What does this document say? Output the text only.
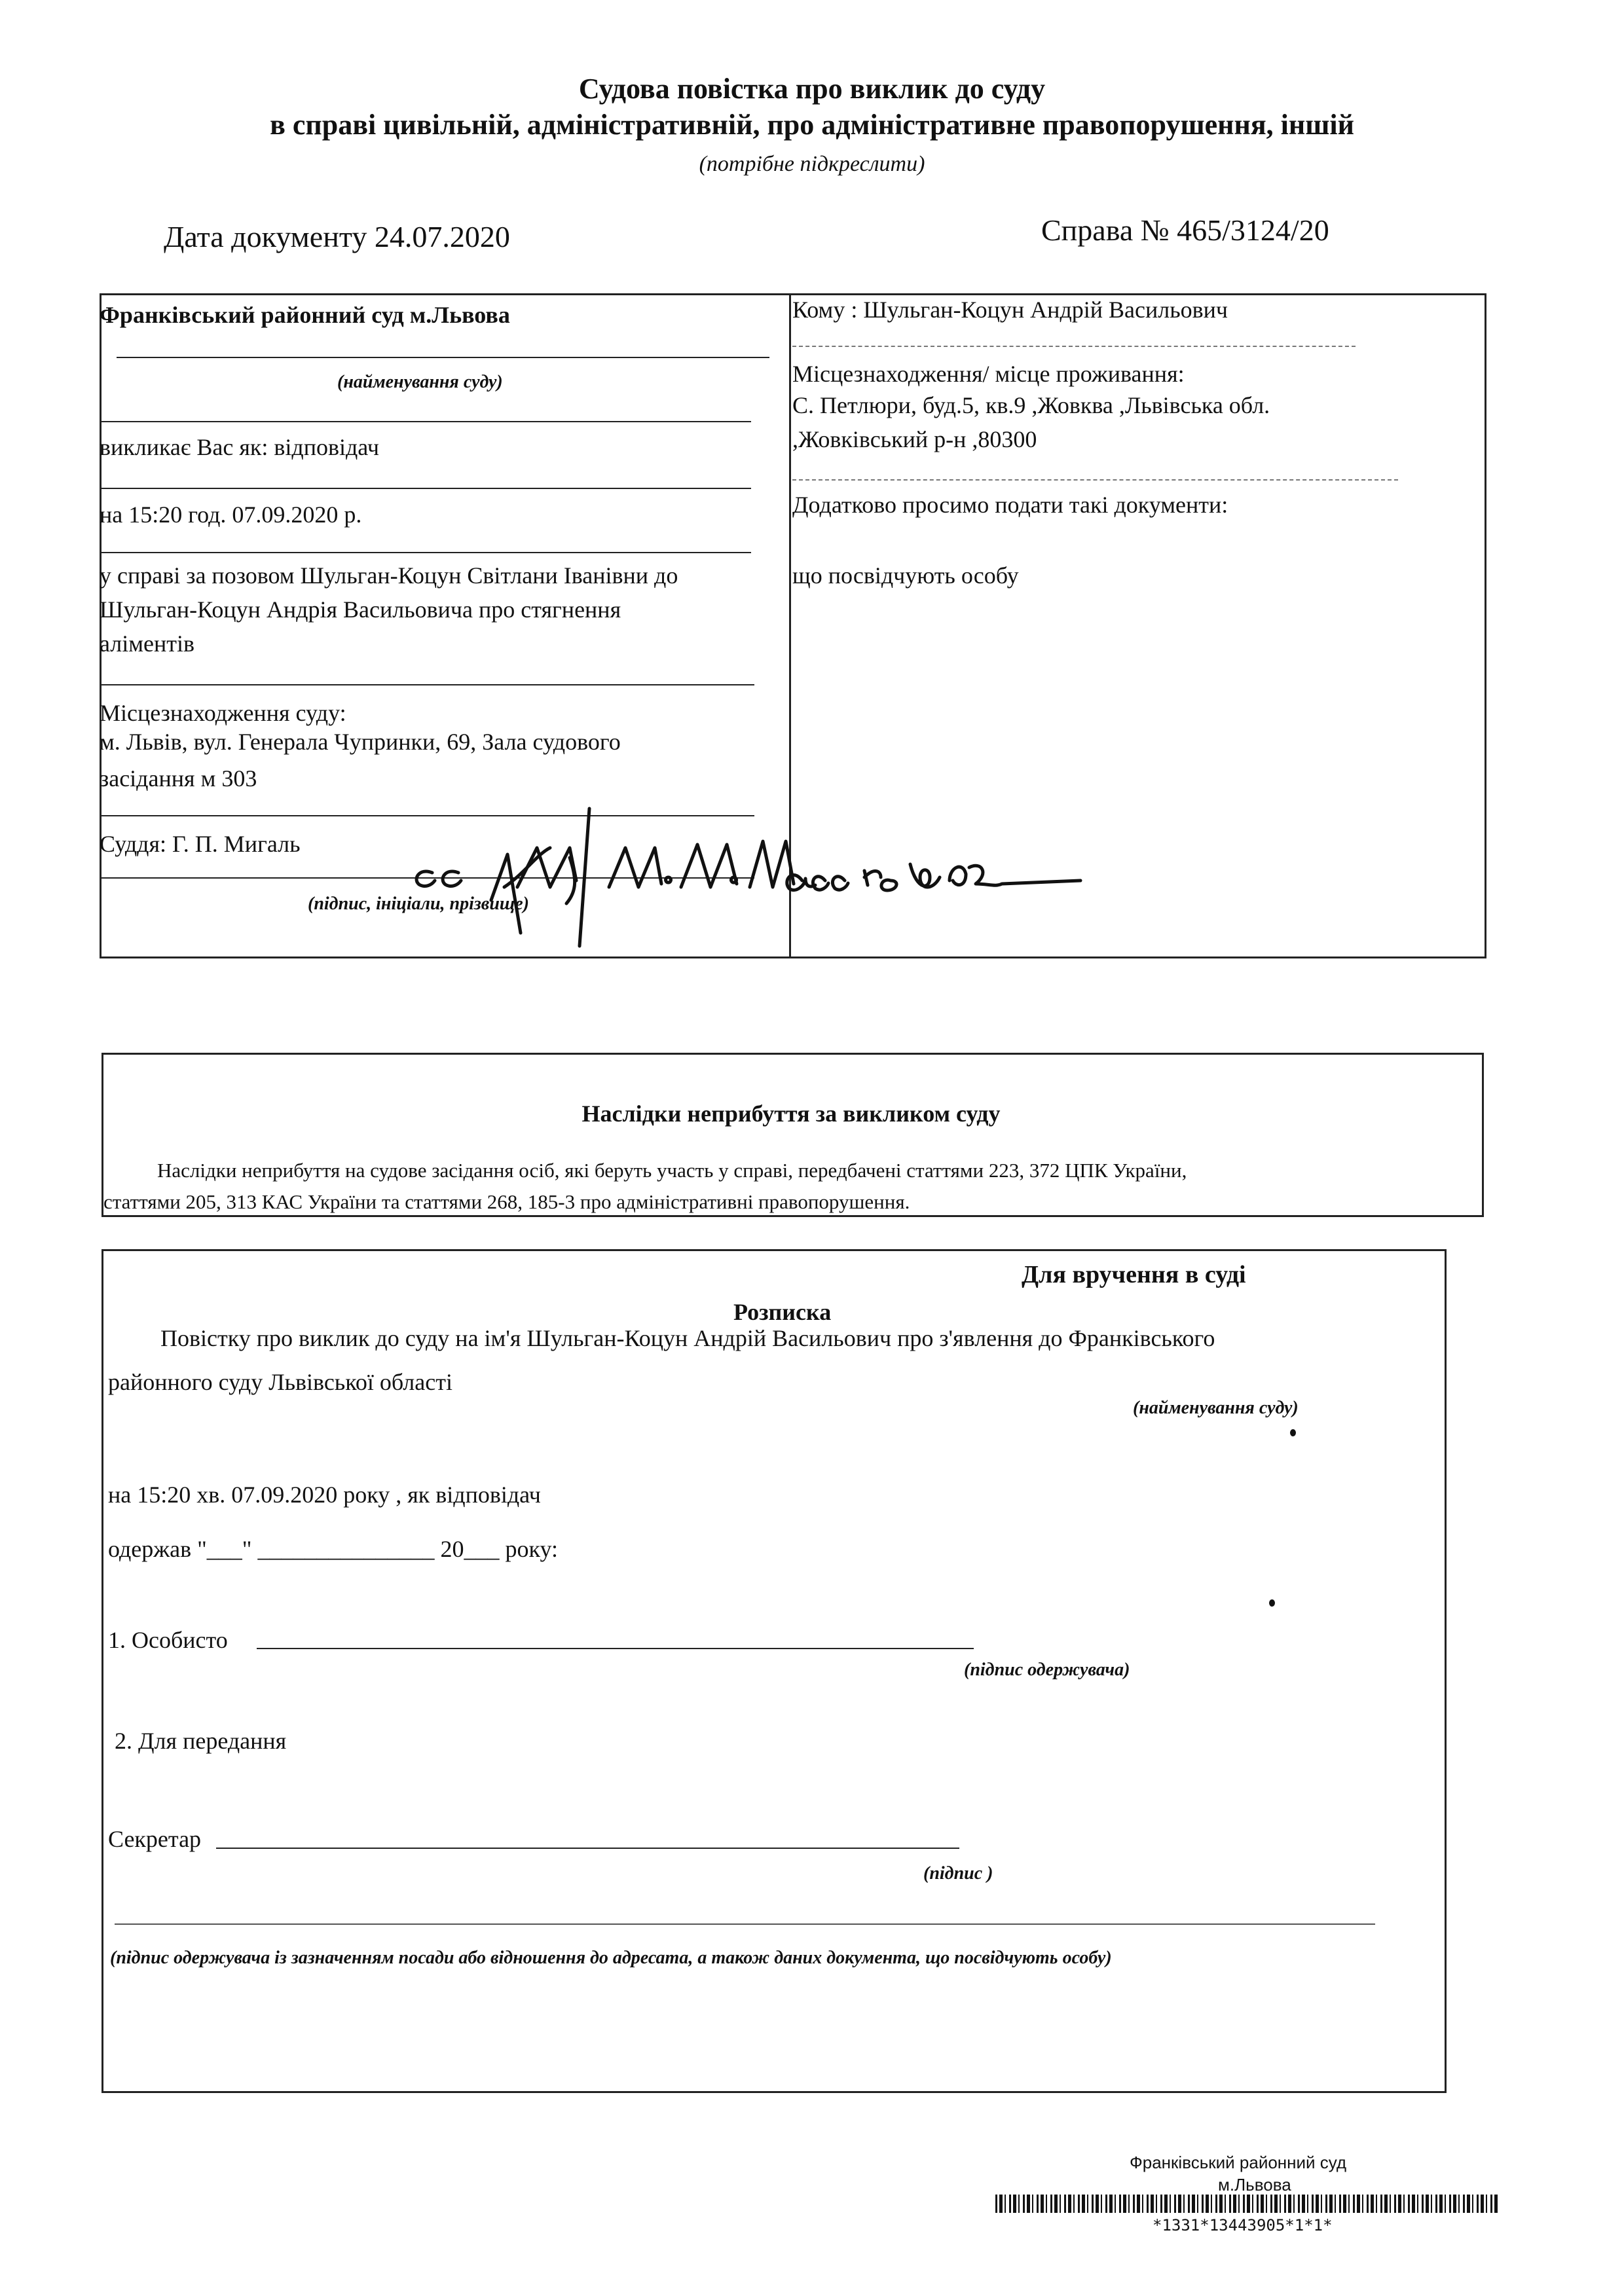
Судова повістка про виклик до суду
в справі цивільній, адміністративній, про адміністративне правопорушення, іншій
(потрібне підкреслити)
Дата документу 24.07.2020	Справа № 465/3124/20
Франківський районний суд м.Львова
(найменування суду)
викликає Вас як: відповідач
на 15:20 год. 07.09.2020 р.
у справі за позовом Шульган-Коцун Світлани Іванівни до
Шульган-Коцун Андрія Васильовича про стягнення
аліментів
Місцезнаходження суду:
м. Львів, вул. Генерала Чупринки, 69, Зала судового
засідання м 303
Суддя: Г. П. Мигаль
(підпис, ініціали, прізвище)
Кому : Шульган-Коцун Андрій Васильович
Місцезнаходження/ місце проживання:
С. Петлюри, буд.5, кв.9 ,Жовква ,Львівська обл.
,Жовківський р-н ,80300
Додатково просимо подати такі документи:
що посвідчують особу
Наслідки неприбуття за викликом суду
Наслідки неприбуття на судове засідання осіб, які беруть участь у справі, передбачені статтями 223, 372 ЦПК України,
статтями 205, 313 КАС України та статтями 268, 185-3 про адміністративні правопорушення.
Для вручення в суді
Розписка
Повістку про виклик до суду на ім'я Шульган-Коцун Андрій Васильович про з'явлення до Франківського
районного суду Львівської області
(найменування суду)
на 15:20 хв. 07.09.2020 року , як відповідач
одержав "___" _______________ 20___ року:
1. Особисто
(підпис одержувача)
2. Для передання
Секретар
(підпис )
(підпис одержувача із зазначенням посади або відношення до адресата, а також даних документа, що посвідчують особу)
Франківський районний суд
м.Львова
*1331*13443905*1*1*
